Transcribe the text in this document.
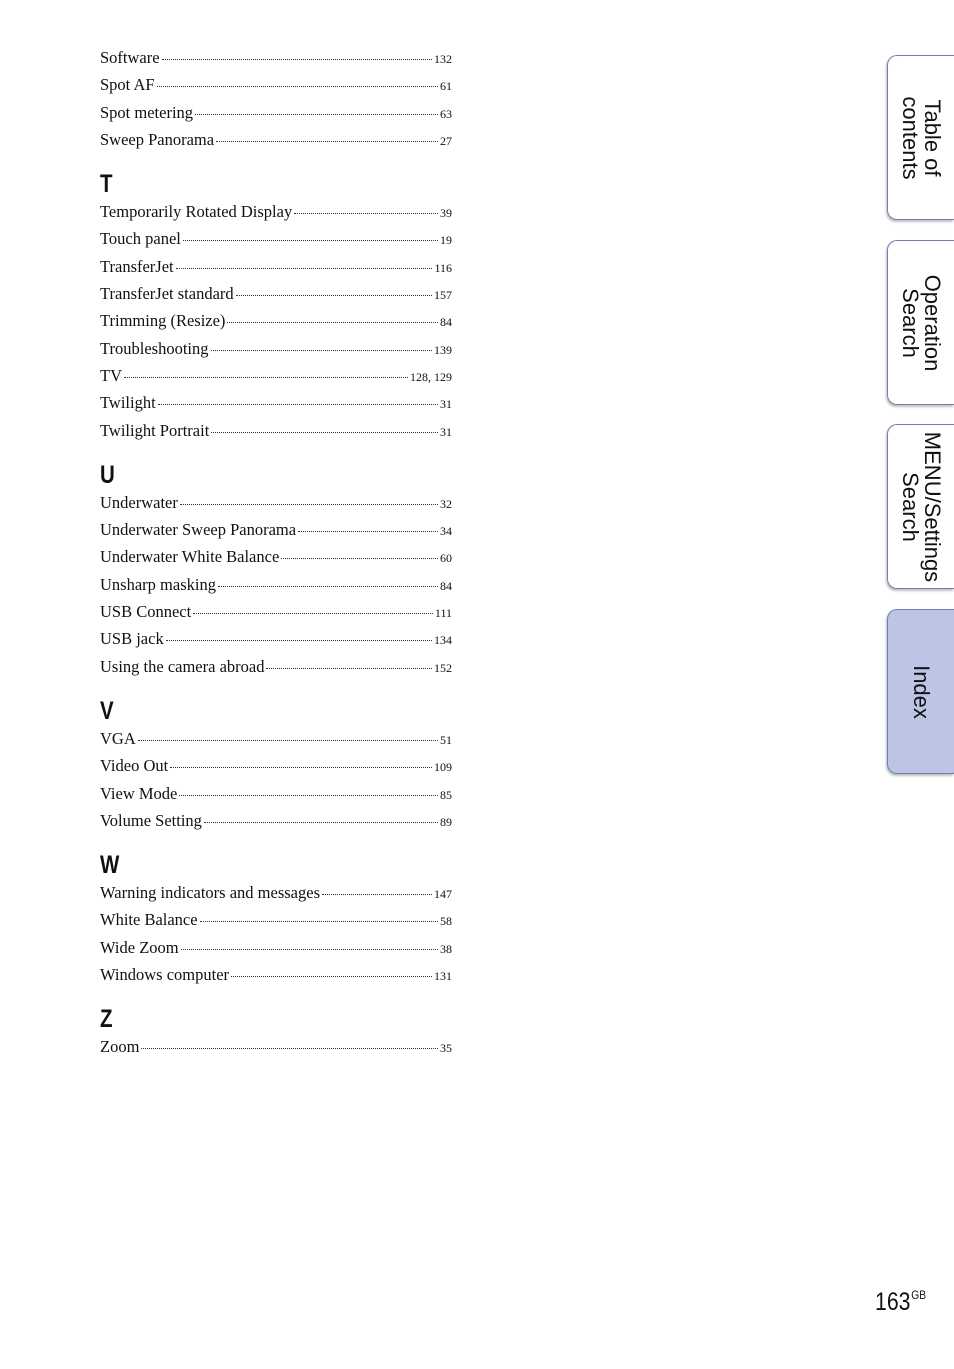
Software	132
Spot AF	61
Spot metering	63
Sweep Panorama	27
T
Temporarily Rotated Display	39
Touch panel	19
TransferJet	116
TransferJet standard	157
Trimming (Resize)	84
Troubleshooting	139
TV	128, 129
Twilight	31
Twilight Portrait	31
U
Underwater	32
Underwater Sweep Panorama	34
Underwater White Balance	60
Unsharp masking	84
USB Connect	111
USB jack	134
Using the camera abroad	152
V
VGA	51
Video Out	109
View Mode	85
Volume Setting	89
W
Warning indicators and messages	147
White Balance	58
Wide Zoom	38
Windows computer	131
Z
Zoom	35
Table of
contents
Operation
Search
MENU/Settings
Search
Index
$163^{GB}$
